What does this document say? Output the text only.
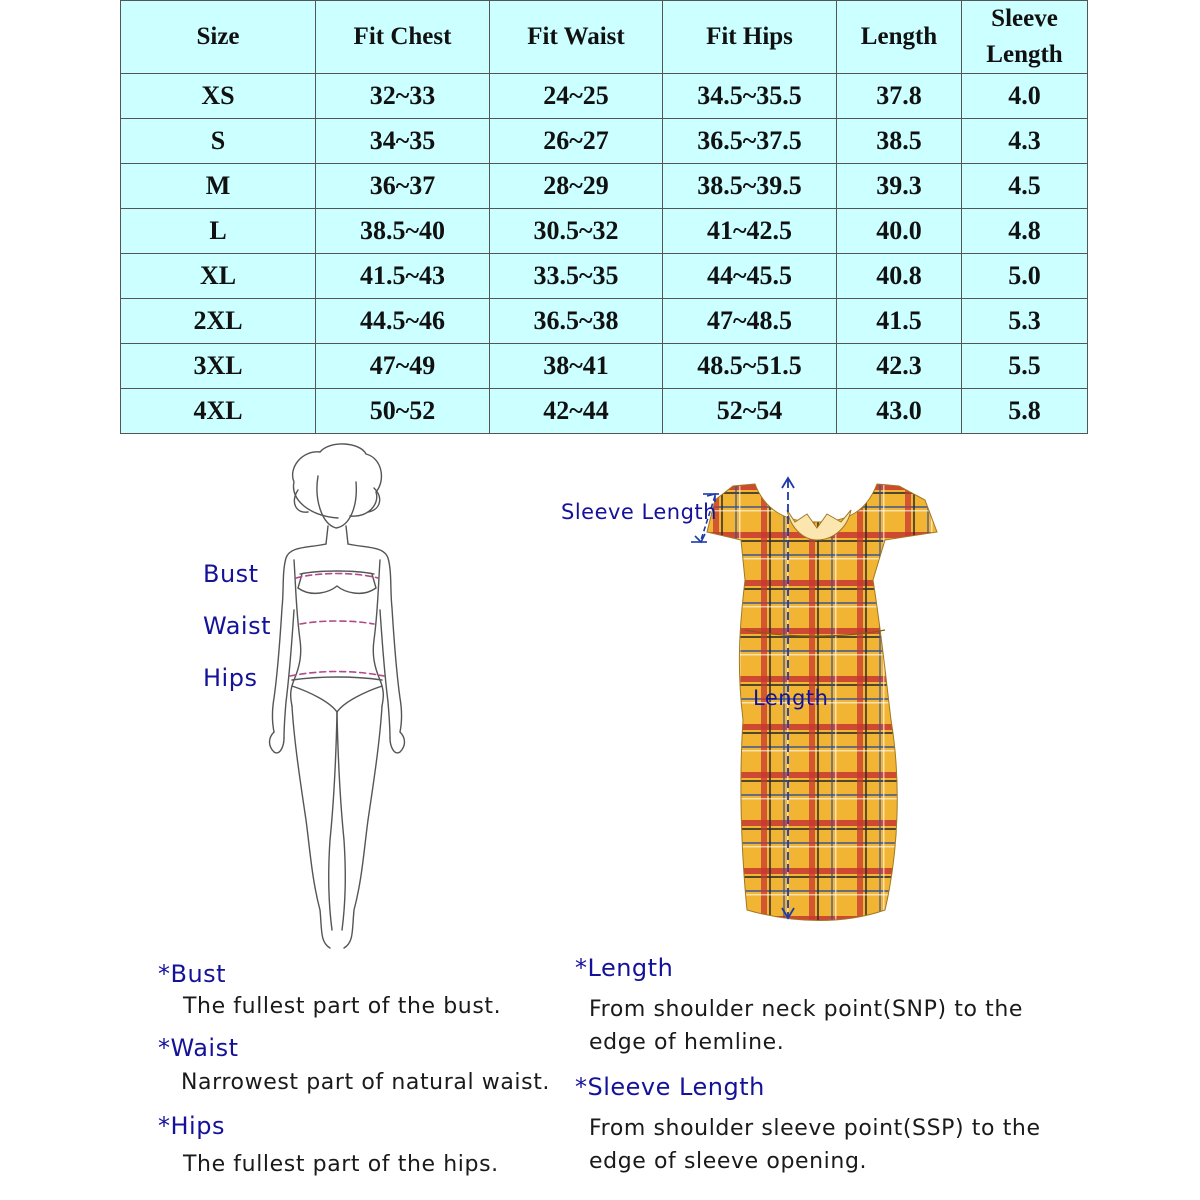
Size	Fit Chest	Fit Waist	Fit Hips	Length	Sleeve Length
XS	32~33	24~25	34.5~35.5	37.8	4.0
S	34~35	26~27	36.5~37.5	38.5	4.3
M	36~37	28~29	38.5~39.5	39.3	4.5
L	38.5~40	30.5~32	41~42.5	40.0	4.8
XL	41.5~43	33.5~35	44~45.5	40.8	5.0
2XL	44.5~46	36.5~38	47~48.5	41.5	5.3
3XL	47~49	38~41	48.5~51.5	42.3	5.5
4XL	50~52	42~44	52~54	43.0	5.8
Bust
Waist
Hips
Sleeve Length
Length
*Bust
The fullest part of the bust.
*Waist
Narrowest part of natural waist.
*Hips
The fullest part of the hips.
*Length
From shoulder neck point(SNP) to the
edge of hemline.
*Sleeve Length
From shoulder sleeve point(SSP) to the
edge of sleeve opening.
